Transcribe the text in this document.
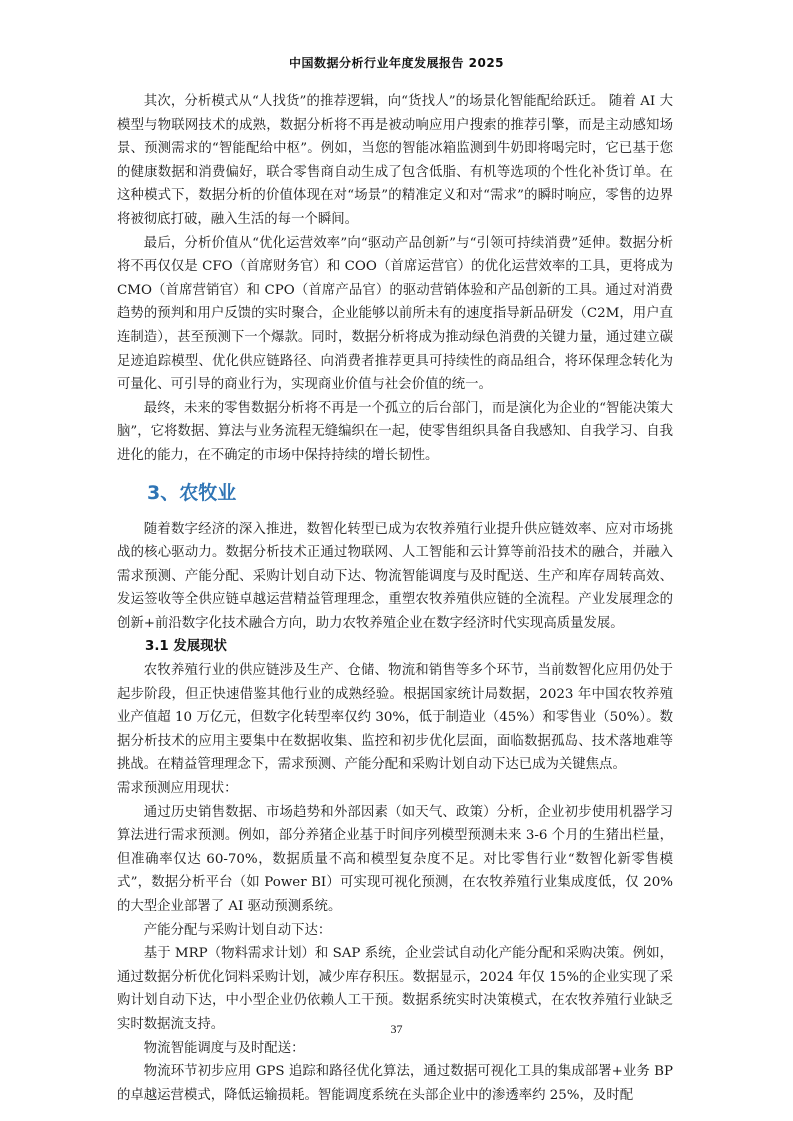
中国数据分析行业年度发展报告 2025

其次，分析模式从“人找货”的推荐逻辑，向“货找人”的场景化智能配给跃迁。 随着 AI 大模型与物联网技术的成熟，数据分析将不再是被动响应用户搜索的推荐引擎，而是主动感知场景、预测需求的“智能配给中枢”。例如，当您的智能冰箱监测到牛奶即将喝完时，它已基于您的健康数据和消费偏好，联合零售商自动生成了包含低脂、有机等选项的个性化补货订单。在这种模式下，数据分析的价值体现在对“场景”的精准定义和对“需求”的瞬时响应，零售的边界将被彻底打破，融入生活的每一个瞬间。

最后，分析价值从“优化运营效率”向“驱动产品创新”与“引领可持续消费”延伸。数据分析将不再仅仅是 CFO（首席财务官）和 COO（首席运营官）的优化运营效率的工具，更将成为 CMO（首席营销官）和 CPO（首席产品官）的驱动营销体验和产品创新的工具。通过对消费趋势的预判和用户反馈的实时聚合，企业能够以前所未有的速度指导新品研发（C2M，用户直连制造），甚至预测下一个爆款。同时，数据分析将成为推动绿色消费的关键力量，通过建立碳足迹追踪模型、优化供应链路径、向消费者推荐更具可持续性的商品组合，将环保理念转化为可量化、可引导的商业行为，实现商业价值与社会价值的统一。

最终，未来的零售数据分析将不再是一个孤立的后台部门，而是演化为企业的“智能决策大脑”，它将数据、算法与业务流程无缝编织在一起，使零售组织具备自我感知、自我学习、自我进化的能力，在不确定的市场中保持持续的增长韧性。

3、农牧业

随着数字经济的深入推进，数智化转型已成为农牧养殖行业提升供应链效率、应对市场挑战的核心驱动力。数据分析技术正通过物联网、人工智能和云计算等前沿技术的融合，并融入需求预测、产能分配、采购计划自动下达、物流智能调度与及时配送、生产和库存周转高效、发运签收等全供应链卓越运营精益管理理念，重塑农牧养殖供应链的全流程。产业发展理念的创新+前沿数字化技术融合方向，助力农牧养殖企业在数字经济时代实现高质量发展。

3.1 发展现状

农牧养殖行业的供应链涉及生产、仓储、物流和销售等多个环节，当前数智化应用仍处于起步阶段，但正快速借鉴其他行业的成熟经验。根据国家统计局数据，2023 年中国农牧养殖业产值超 10 万亿元，但数字化转型率仅约 30%，低于制造业（45%）和零售业（50%）。数据分析技术的应用主要集中在数据收集、监控和初步优化层面，面临数据孤岛、技术落地难等挑战。在精益管理理念下，需求预测、产能分配和采购计划自动下达已成为关键焦点。

需求预测应用现状：

通过历史销售数据、市场趋势和外部因素（如天气、政策）分析，企业初步使用机器学习算法进行需求预测。例如，部分养猪企业基于时间序列模型预测未来 3-6 个月的生猪出栏量，但准确率仅达 60-70%，数据质量不高和模型复杂度不足。对比零售行业“数智化新零售模式”，数据分析平台（如 Power BI）可实现可视化预测，在农牧养殖行业集成度低，仅 20%的大型企业部署了 AI 驱动预测系统。

产能分配与采购计划自动下达：

基于 MRP（物料需求计划）和 SAP 系统，企业尝试自动化产能分配和采购决策。例如，通过数据分析优化饲料采购计划，减少库存积压。数据显示，2024 年仅 15%的企业实现了采购计划自动下达，中小型企业仍依赖人工干预。数据系统实时决策模式，在农牧养殖行业缺乏实时数据流支持。

物流智能调度与及时配送：

物流环节初步应用 GPS 追踪和路径优化算法，通过数据可视化工具的集成部署+业务 BP 的卓越运营模式，降低运输损耗。智能调度系统在头部企业中的渗透率约 25%，及时配

37
